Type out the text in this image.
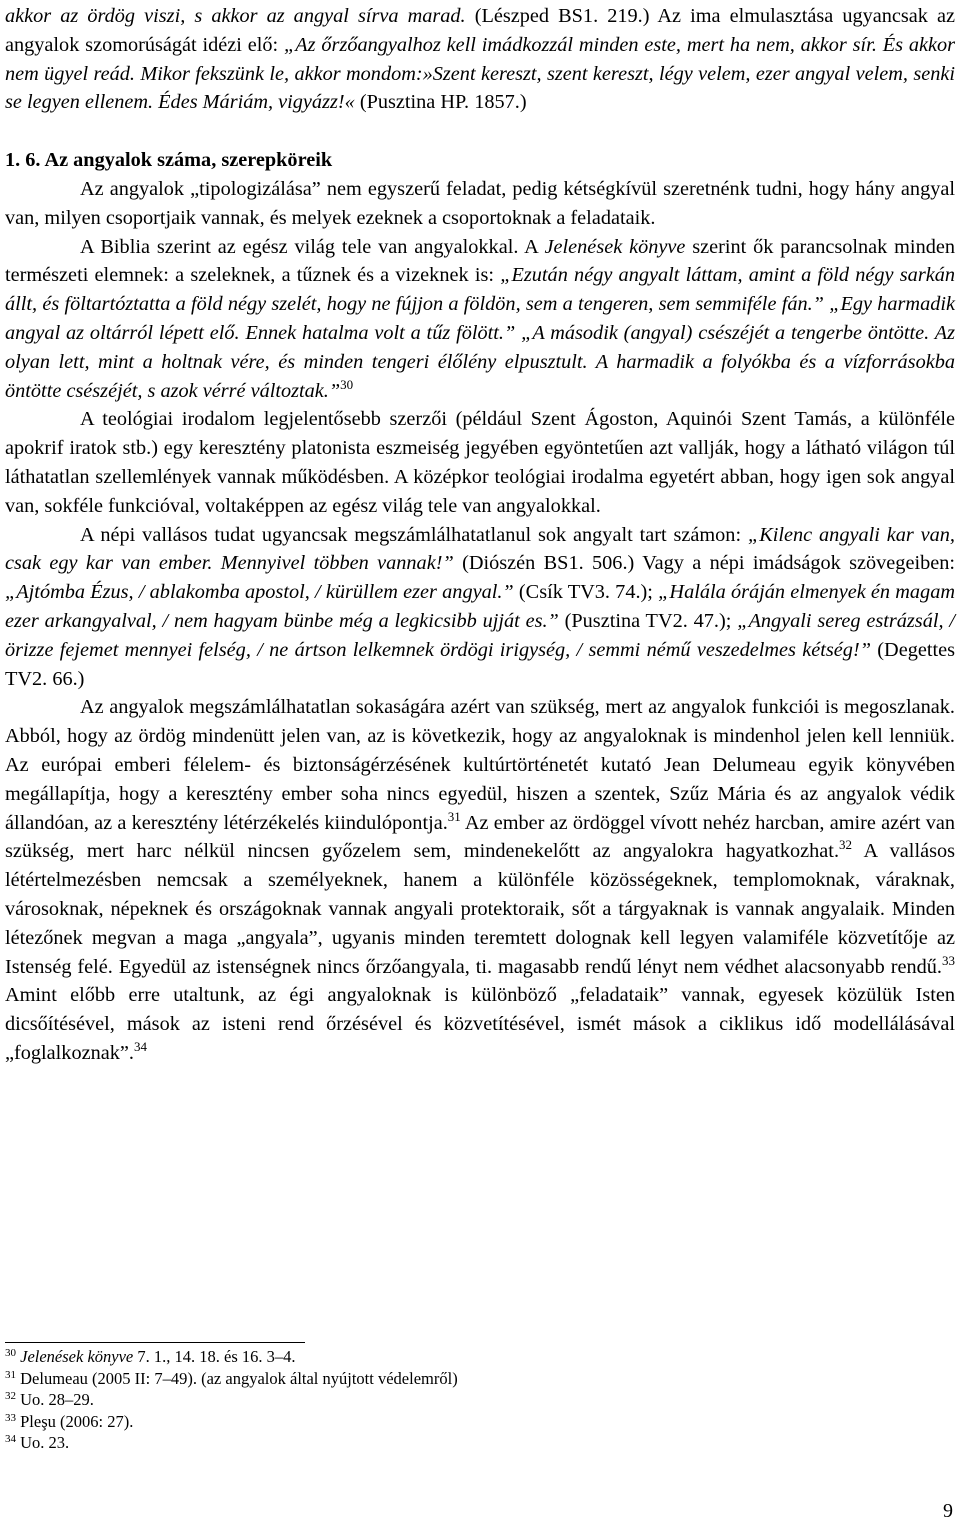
akkor az ördög viszi, s akkor az angyal sírva marad. (Lészped BS1. 219.) Az ima elmulasztása ugyancsak az angyalok szomorúságát idézi elő: „Az őrzőangyalhoz kell imádkozzál minden este, mert ha nem, akkor sír. És akkor nem ügyel reád. Mikor fekszünk le, akkor mondom:»Szent kereszt, szent kereszt, légy velem, ezer angyal velem, senki se legyen ellenem. Édes Máriám, vigyázz!« (Pusztina HP. 1857.)

1. 6. Az angyalok száma, szerepköreik

Az angyalok „tipologizálása” nem egyszerű feladat, pedig kétségkívül szeretnénk tudni, hogy hány angyal van, milyen csoportjaik vannak, és melyek ezeknek a csoportoknak a feladataik.

A Biblia szerint az egész világ tele van angyalokkal. A Jelenések könyve szerint ők parancsolnak minden természeti elemnek: a szeleknek, a tűznek és a vizeknek is: „Ezután négy angyalt láttam, amint a föld négy sarkán állt, és föltartóztatta a föld négy szelét, hogy ne fújjon a földön, sem a tengeren, sem semmiféle fán.” „Egy harmadik angyal az oltárról lépett elő. Ennek hatalma volt a tűz fölött.” „A második (angyal) csészéjét a tengerbe öntötte. Az olyan lett, mint a holtnak vére, és minden tengeri élőlény elpusztult. A harmadik a folyókba és a vízforrásokba öntötte csészéjét, s azok vérré változtak.”$^{30}$

A teológiai irodalom legjelentősebb szerzői (például Szent Ágoston, Aquinói Szent Tamás, a különféle apokrif iratok stb.) egy keresztény platonista eszmeiség jegyében egyöntetűen azt vallják, hogy a látható világon túl láthatatlan szellemlények vannak működésben. A középkor teológiai irodalma egyetért abban, hogy igen sok angyal van, sokféle funkcióval, voltaképpen az egész világ tele van angyalokkal.

A népi vallásos tudat ugyancsak megszámlálhatatlanul sok angyalt tart számon: „Kilenc angyali kar van, csak egy kar van ember. Mennyivel többen vannak!” (Diószén BS1. 506.) Vagy a népi imádságok szövegeiben: „Ajtómba Ézus, / ablakomba apostol, / kürüllem ezer angyal.” (Csík TV3. 74.); „Halála óráján elmenyek én magam ezer arkangyalval, / nem hagyam bünbe még a legkicsibb ujját es.” (Pusztina TV2. 47.); „Angyali sereg estrázsál, / örizze fejemet mennyei felség, / ne ártson lelkemnek ördögi irigység, / semmi némű veszedelmes kétség!” (Degettes TV2. 66.)

Az angyalok megszámlálhatatlan sokaságára azért van szükség, mert az angyalok funkciói is megoszlanak. Abból, hogy az ördög mindenütt jelen van, az is következik, hogy az angyaloknak is mindenhol jelen kell lenniük. Az európai emberi félelem- és biztonságérzésének kultúrtörténetét kutató Jean Delumeau egyik könyvében megállapítja, hogy a keresztény ember soha nincs egyedül, hiszen a szentek, Szűz Mária és az angyalok védik állandóan, az a keresztény létérzékelés kiindulópontja.$^{31}$ Az ember az ördöggel vívott nehéz harcban, amire azért van szükség, mert harc nélkül nincsen győzelem sem, mindenekelőtt az angyalokra hagyatkozhat.$^{32}$ A vallásos létértelmezésben nemcsak a személyeknek, hanem a különféle közösségeknek, templomoknak, váraknak, városoknak, népeknek és országoknak vannak angyali protektoraik, sőt a tárgyaknak is vannak angyalaik. Minden létezőnek megvan a maga „angyala”, ugyanis minden teremtett dolognak kell legyen valamiféle közvetítője az Istenség felé. Egyedül az istenségnek nincs őrzőangyala, ti. magasabb rendű lényt nem védhet alacsonyabb rendű.$^{33}$ Amint előbb erre utaltunk, az égi angyaloknak is különböző „feladataik” vannak, egyesek közülük Isten dicsőítésével, mások az isteni rend őrzésével és közvetítésével, ismét mások a ciklikus idő modellálásával „foglalkoznak”.$^{34}$

$^{30}$ Jelenések könyve 7. 1., 14. 18. és 16. 3–4.

$^{31}$ Delumeau (2005 II: 7–49). (az angyalok által nyújtott védelemről)

$^{32}$ Uo. 28–29.

$^{33}$ Pleşu (2006: 27).

$^{34}$ Uo. 23.

9
